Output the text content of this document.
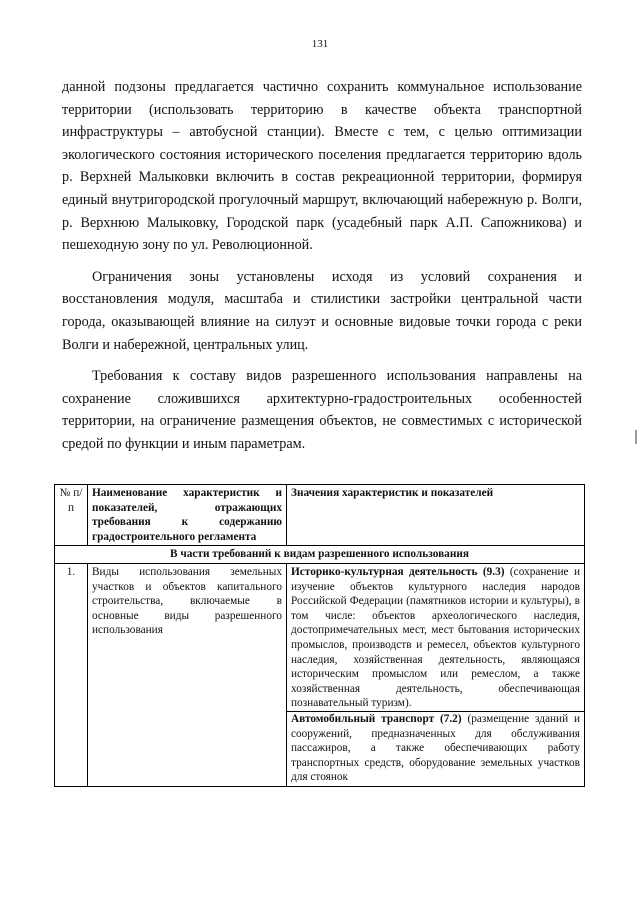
131

данной подзоны предлагается частично сохранить коммунальное использование территории (использовать территорию в качестве объекта транспортной инфраструктуры – автобусной станции). Вместе с тем, с целью оптимизации экологического состояния исторического поселения предлагается территорию вдоль р. Верхней Малыковки включить в состав рекреационной территории, формируя единый внутригородской прогулочный маршрут, включающий набережную р. Волги, р. Верхнюю Малыковку, Городской парк (усадебный парк А.П. Сапожникова) и пешеходную зону по ул. Революционной.

Ограничения зоны установлены исходя из условий сохранения и восстановления модуля, масштаба и стилистики застройки центральной части города, оказывающей влияние на силуэт и основные видовые точки города с реки Волги и набережной, центральных улиц.

Требования к составу видов разрешенного использования направлены на сохранение сложившихся архитектурно-градостроительных особенностей территории, на ограничение размещения объектов, не совместимых с исторической средой по функции и иным параметрам.

№ п/п	Наименование характеристик и показателей, отражающих требования к содержанию градостроительного регламента	Значения характеристик и показателей
В части требований к видам разрешенного использования		
1.	Виды использования земельных участков и объектов капитального строительства, включаемые в основные виды разрешенного использования	Историко-культурная деятельность (9.3) (сохранение и изучение объектов культурного наследия народов Российской Федерации (памятников истории и культуры), в том числе: объектов археологического наследия, достопримечательных мест, мест бытования исторических промыслов, производств и ремесел, объектов культурного наследия, хозяйственная деятельность, являющаяся историческим промыслом или ремеслом, а также хозяйственная деятельность, обеспечивающая познавательный туризм).
Автомобильный транспорт (7.2) (размещение зданий и сооружений, предназначенных для обслуживания пассажиров, а также обеспечивающих работу транспортных средств, оборудование земельных участков для стоянок
